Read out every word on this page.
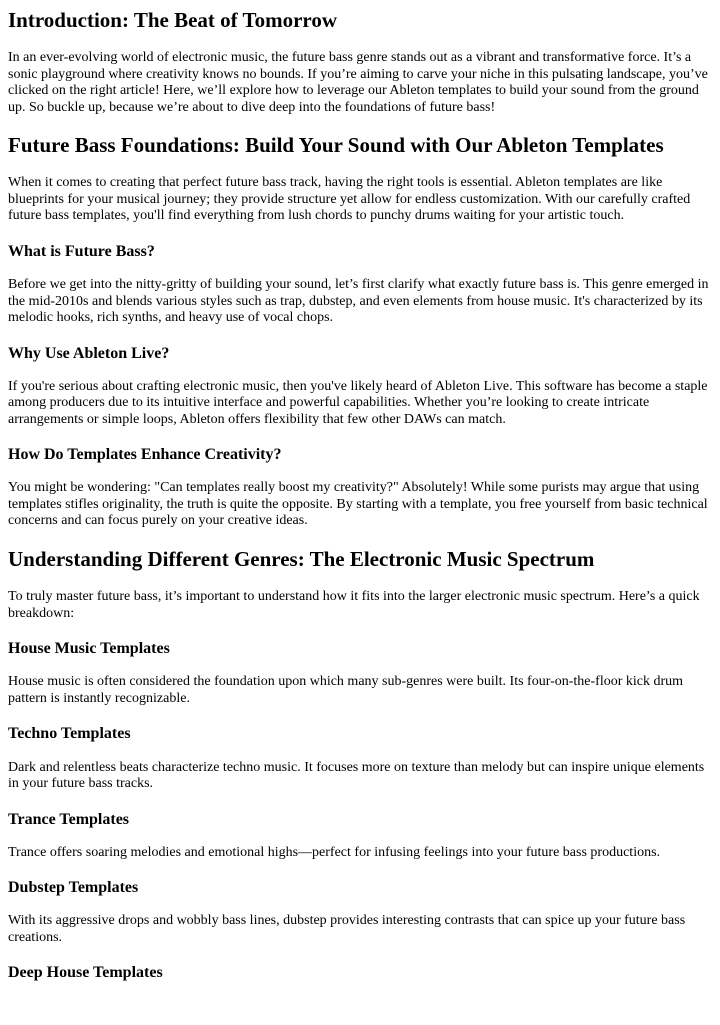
Introduction: The Beat of Tomorrow

In an ever-evolving world of electronic music, the future bass genre stands out as a vibrant and transformative force. It’s a sonic playground where creativity knows no bounds. If you’re aiming to carve your niche in this pulsating landscape, you’ve clicked on the right article! Here, we’ll explore how to leverage our Ableton templates to build your sound from the ground up. So buckle up, because we’re about to dive deep into the foundations of future bass!

Future Bass Foundations: Build Your Sound with Our Ableton Templates

When it comes to creating that perfect future bass track, having the right tools is essential. Ableton templates are like blueprints for your musical journey; they provide structure yet allow for endless customization. With our carefully crafted future bass templates, you'll find everything from lush chords to punchy drums waiting for your artistic touch.

What is Future Bass?

Before we get into the nitty-gritty of building your sound, let’s first clarify what exactly future bass is. This genre emerged in the mid-2010s and blends various styles such as trap, dubstep, and even elements from house music. It's characterized by its melodic hooks, rich synths, and heavy use of vocal chops.

Why Use Ableton Live?

If you're serious about crafting electronic music, then you've likely heard of Ableton Live. This software has become a staple among producers due to its intuitive interface and powerful capabilities. Whether you’re looking to create intricate arrangements or simple loops, Ableton offers flexibility that few other DAWs can match.

How Do Templates Enhance Creativity?

You might be wondering: "Can templates really boost my creativity?" Absolutely! While some purists may argue that using templates stifles originality, the truth is quite the opposite. By starting with a template, you free yourself from basic technical concerns and can focus purely on your creative ideas.

Understanding Different Genres: The Electronic Music Spectrum

To truly master future bass, it’s important to understand how it fits into the larger electronic music spectrum. Here’s a quick breakdown:

House Music Templates

House music is often considered the foundation upon which many sub-genres were built. Its four-on-the-floor kick drum pattern is instantly recognizable.

Techno Templates

Dark and relentless beats characterize techno music. It focuses more on texture than melody but can inspire unique elements in your future bass tracks.

Trance Templates

Trance offers soaring melodies and emotional highs—perfect for infusing feelings into your future bass productions.

Dubstep Templates

With its aggressive drops and wobbly bass lines, dubstep provides interesting contrasts that can spice up your future bass creations.

Deep House Templates
